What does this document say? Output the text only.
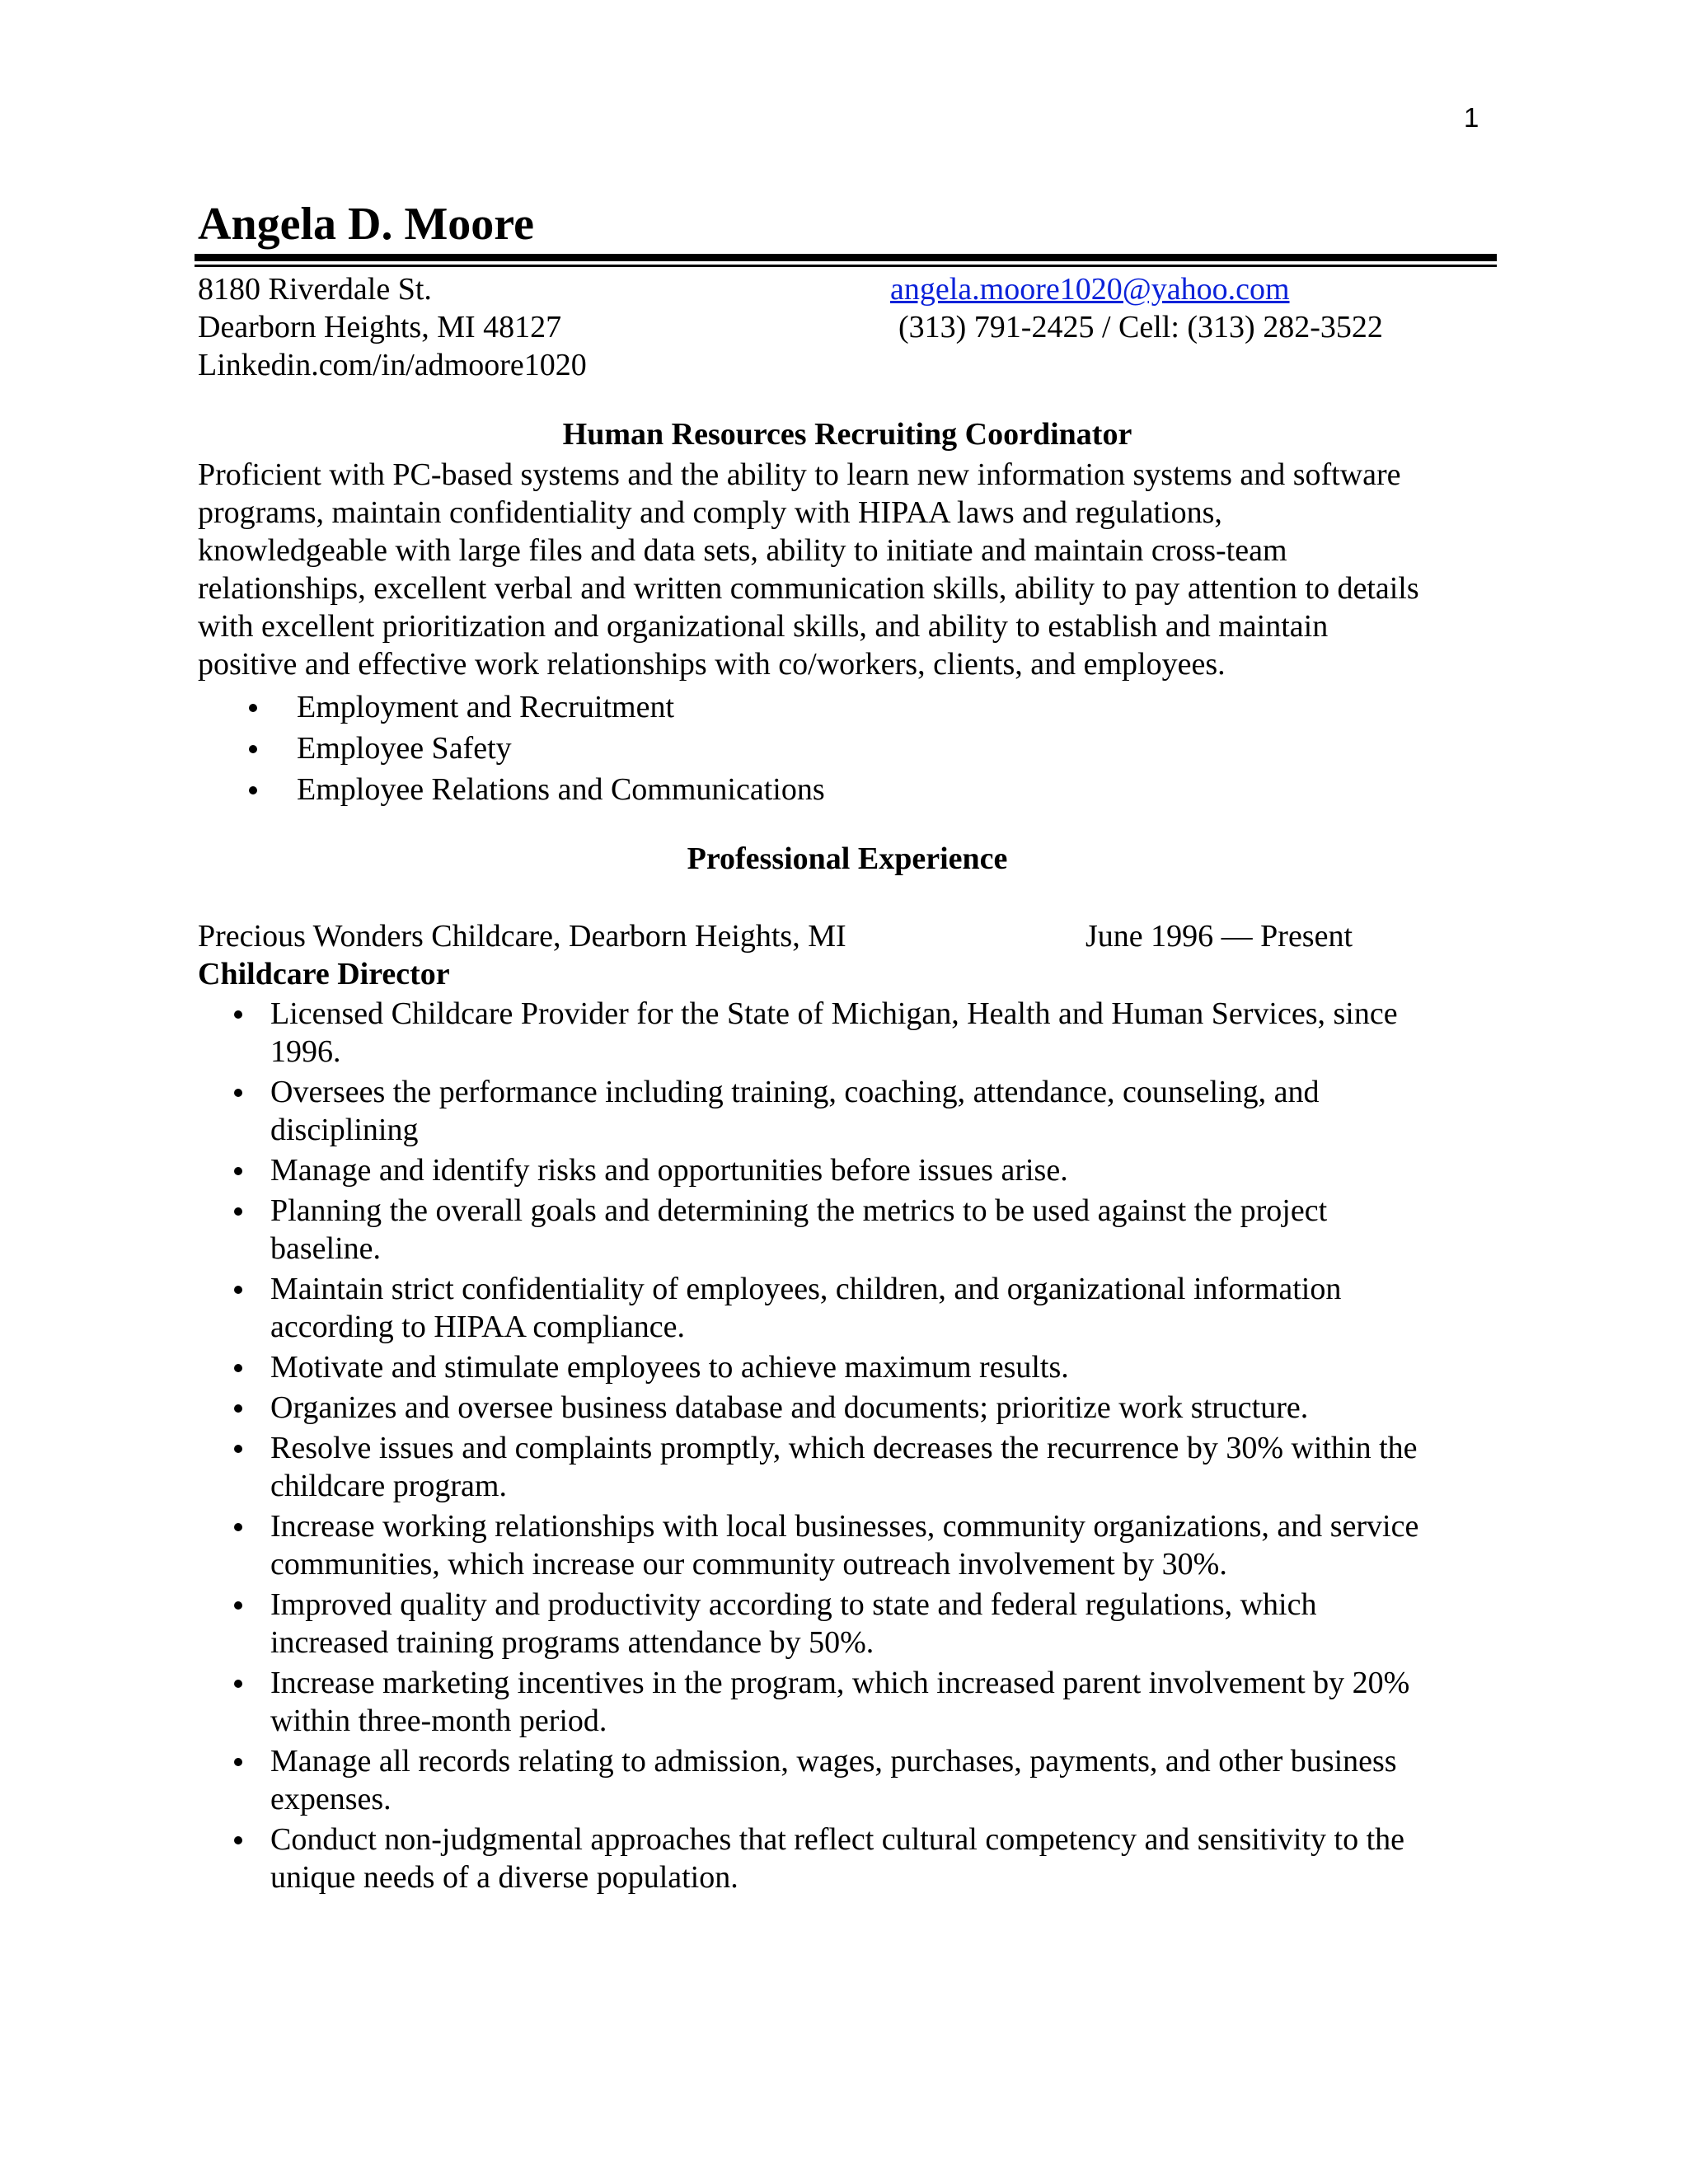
1
Angela D. Moore
8180 Riverdale St.
Dearborn Heights, MI 48127
Linkedin.com/in/admoore1020
angela.moore1020@yahoo.com
(313) 791-2425 / Cell: (313) 282-3522
Human Resources Recruiting Coordinator
Proficient with PC-based systems and the ability to learn new information systems and software
programs, maintain confidentiality and comply with HIPAA laws and regulations,
knowledgeable with large files and data sets, ability to initiate and maintain cross-team
relationships, excellent verbal and written communication skills, ability to pay attention to details
with excellent prioritization and organizational skills, and ability to establish and maintain
positive and effective work relationships with co/workers, clients, and employees.
Employment and Recruitment
Employee Safety
Employee Relations and Communications
Professional Experience
Precious Wonders Childcare, Dearborn Heights, MI	June 1996 — Present
Childcare Director
Licensed Childcare Provider for the State of Michigan, Health and Human Services, since
1996.
Oversees the performance including training, coaching, attendance, counseling, and
disciplining
Manage and identify risks and opportunities before issues arise.
Planning the overall goals and determining the metrics to be used against the project
baseline.
Maintain strict confidentiality of employees, children, and organizational information
according to HIPAA compliance.
Motivate and stimulate employees to achieve maximum results.
Organizes and oversee business database and documents; prioritize work structure.
Resolve issues and complaints promptly, which decreases the recurrence by 30% within the
childcare program.
Increase working relationships with local businesses, community organizations, and service
communities, which increase our community outreach involvement by 30%.
Improved quality and productivity according to state and federal regulations, which
increased training programs attendance by 50%.
Increase marketing incentives in the program, which increased parent involvement by 20%
within three-month period.
Manage all records relating to admission, wages, purchases, payments, and other business
expenses.
Conduct non-judgmental approaches that reflect cultural competency and sensitivity to the
unique needs of a diverse population.
